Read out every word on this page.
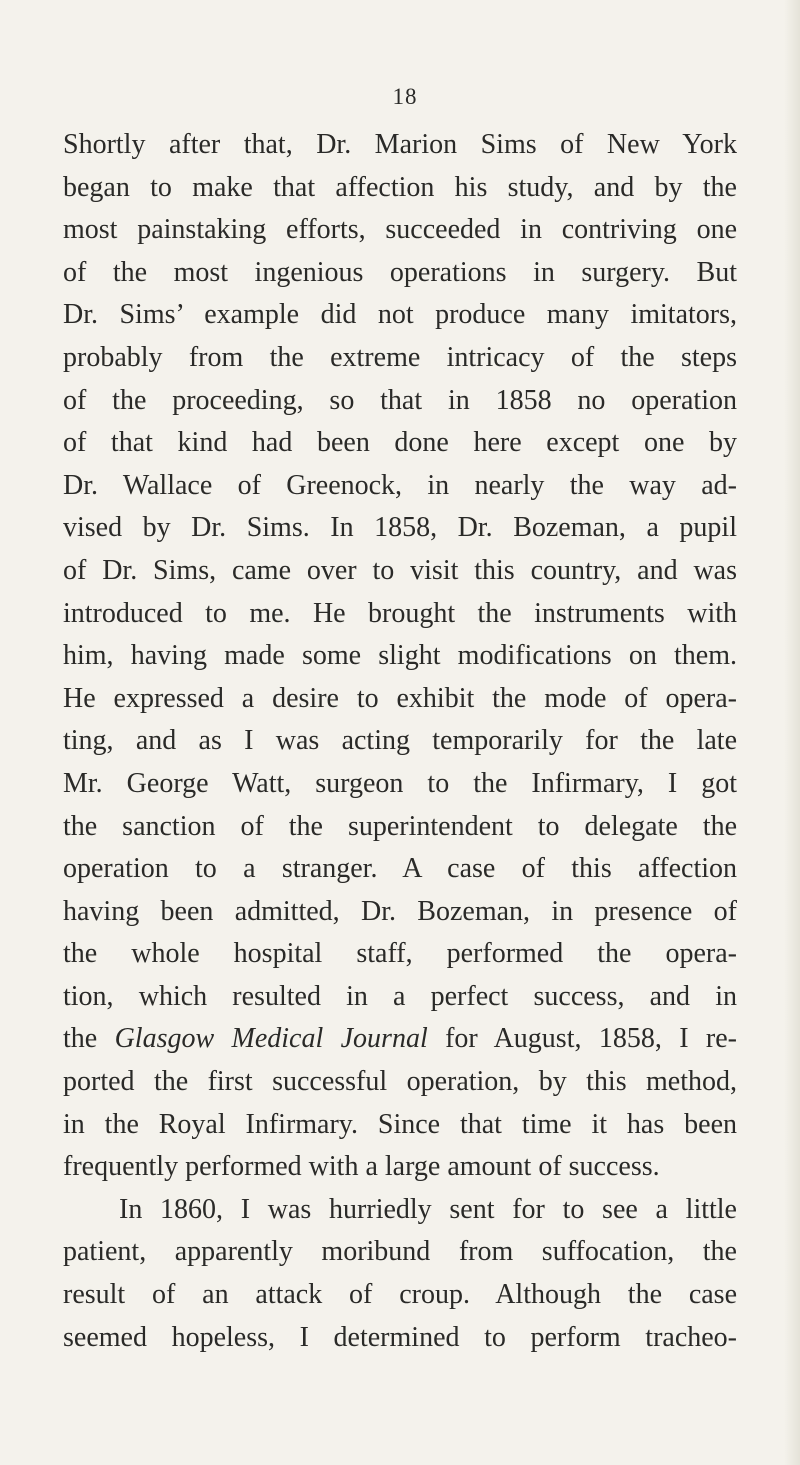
18
Shortly after that, Dr. Marion Sims of New York
began to make that affection his study, and by the
most painstaking efforts, succeeded in contriving one
of the most ingenious operations in surgery. But
Dr. Sims’ example did not produce many imitators,
probably from the extreme intricacy of the steps
of the proceeding, so that in 1858 no operation
of that kind had been done here except one by
Dr. Wallace of Greenock, in nearly the way ad-
vised by Dr. Sims. In 1858, Dr. Bozeman, a pupil
of Dr. Sims, came over to visit this country, and was
introduced to me. He brought the instruments with
him, having made some slight modifications on them.
He expressed a desire to exhibit the mode of opera-
ting, and as I was acting temporarily for the late
Mr. George Watt, surgeon to the Infirmary, I got
the sanction of the superintendent to delegate the
operation to a stranger. A case of this affection
having been admitted, Dr. Bozeman, in presence of
the whole hospital staff, performed the opera-
tion, which resulted in a perfect success, and in
the Glasgow Medical Journal for August, 1858, I re-
ported the first successful operation, by this method,
in the Royal Infirmary. Since that time it has been
frequently performed with a large amount of success.
In 1860, I was hurriedly sent for to see a little
patient, apparently moribund from suffocation, the
result of an attack of croup. Although the case
seemed hopeless, I determined to perform tracheo-
